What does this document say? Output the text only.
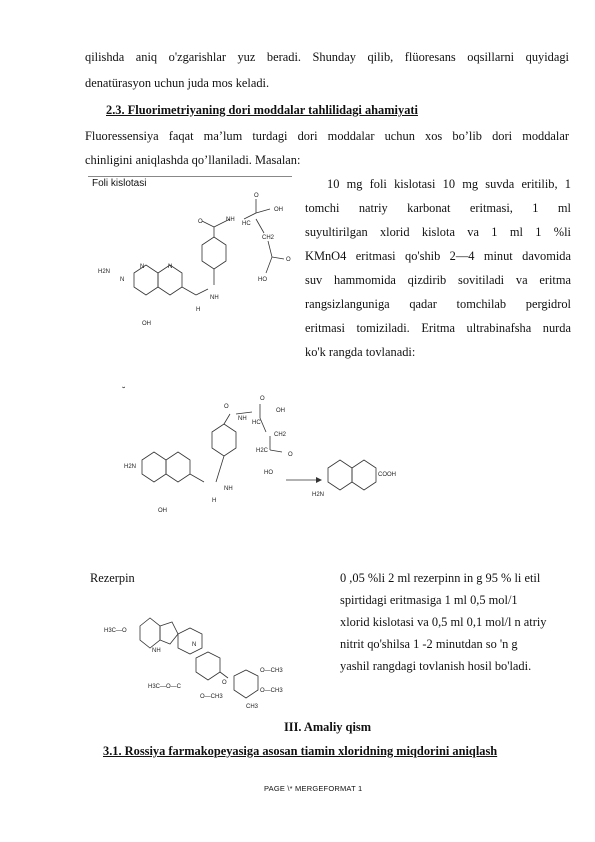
qilishda aniq o'zgarishlar yuz beradi. Shunday qilib, flüoresans oqsillarni quyidagi
denatürasyon uchun juda mos keladi.
2.3. Fluorimetriyaning dori moddalar tahlilidagi ahamiyati
Fluoressensiya faqat ma’lum turdagi dori moddalar uchun xos bo’lib dori moddalar
chinligini aniqlashda qo’llaniladi. Masalan:
Foli kislotasi
H2N
N
OH
N	N
O	NH
HC
OH
O
CH2
O
HO
NH
H
10 mg foli kislotasi 10 mg suvda eritilib, 1
tomchi natriy karbonat eritmasi, 1 ml
suyultirilgan xlorid kislota va 1 ml 1 %li
KMnO4 eritmasi qo'shib 2—4 minut davomida
suv hammomida qizdirib sovitiladi va eritma
rangsizlanguniga qadar tomchilab pergidrol
eritmasi tomiziladi. Eritma ultrabinafsha nurda
ko'k rangda tovlanadi:
˘
H2N
OH
NH
H
O
NH
HC
O
OH
CH2
H2C
HO
O
H2N
COOH
Rezerpin
H3C—O
NH
N
H3C—O—C
O—CH3
O
O—CH3
O—CH3
CH3
0 ,05 %li 2 ml rezerpinn in g 95 % li etil
spirtidagi eritmasiga 1 ml 0,5 mol/1
xlorid kislotasi va 0,5 ml 0,1 mol/l n atriy
nitrit qo'shilsa 1 -2 minutdan so 'n g
yashil rangdagi tovlanish hosil bo'ladi.
III. Amaliy qism
3.1. Rossiya farmakopeyasiga asosan tiamin xloridning miqdorini aniqlash
PAGE \* MERGEFORMAT 1
